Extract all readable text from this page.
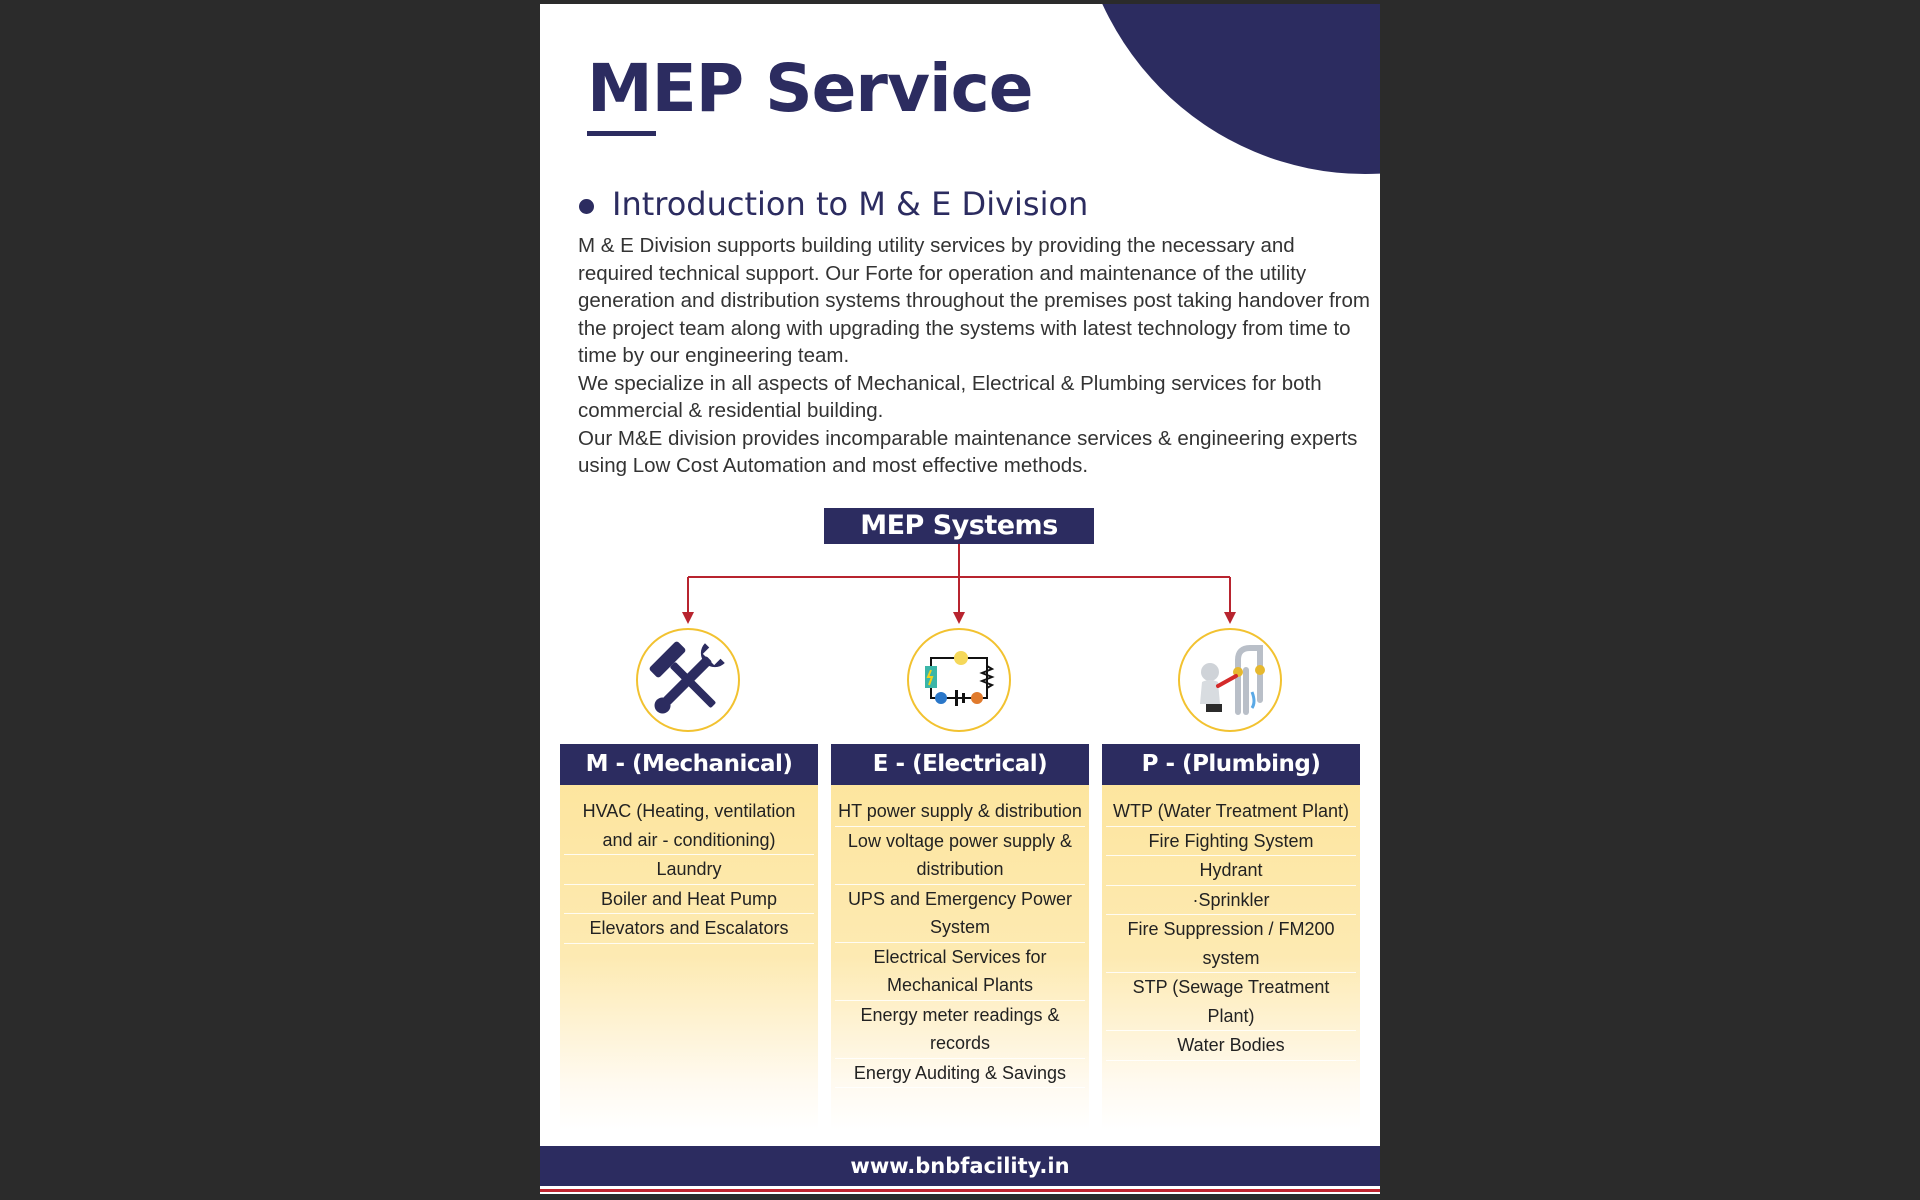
MEP Service
Introduction to M & E Division

M & E Division supports building utility services by providing the necessary and required technical support. Our Forte for operation and maintenance of the utility generation and distribution systems throughout the premises post taking handover from the project team along with upgrading the systems with latest technology from time to time by our engineering team.

We specialize in all aspects of Mechanical, Electrical & Plumbing services for both commercial & residential building.

Our M&E division provides incomparable maintenance services & engineering experts using Low Cost Automation and most effective methods.

MEP Systems
M - (Mechanical)
HVAC (Heating, ventilation and air - conditioning)
Laundry
Boiler and Heat Pump
Elevators and Escalators
E - (Electrical)
HT power supply & distribution
Low voltage power supply & distribution
UPS and Emergency Power System
Electrical Services for Mechanical Plants
Energy meter readings & records
Energy Auditing & Savings
P - (Plumbing)
WTP (Water Treatment Plant)
Fire Fighting System
Hydrant
·Sprinkler
Fire Suppression / FM200 system
STP (Sewage Treatment Plant)
Water Bodies
www.bnbfacility.in
